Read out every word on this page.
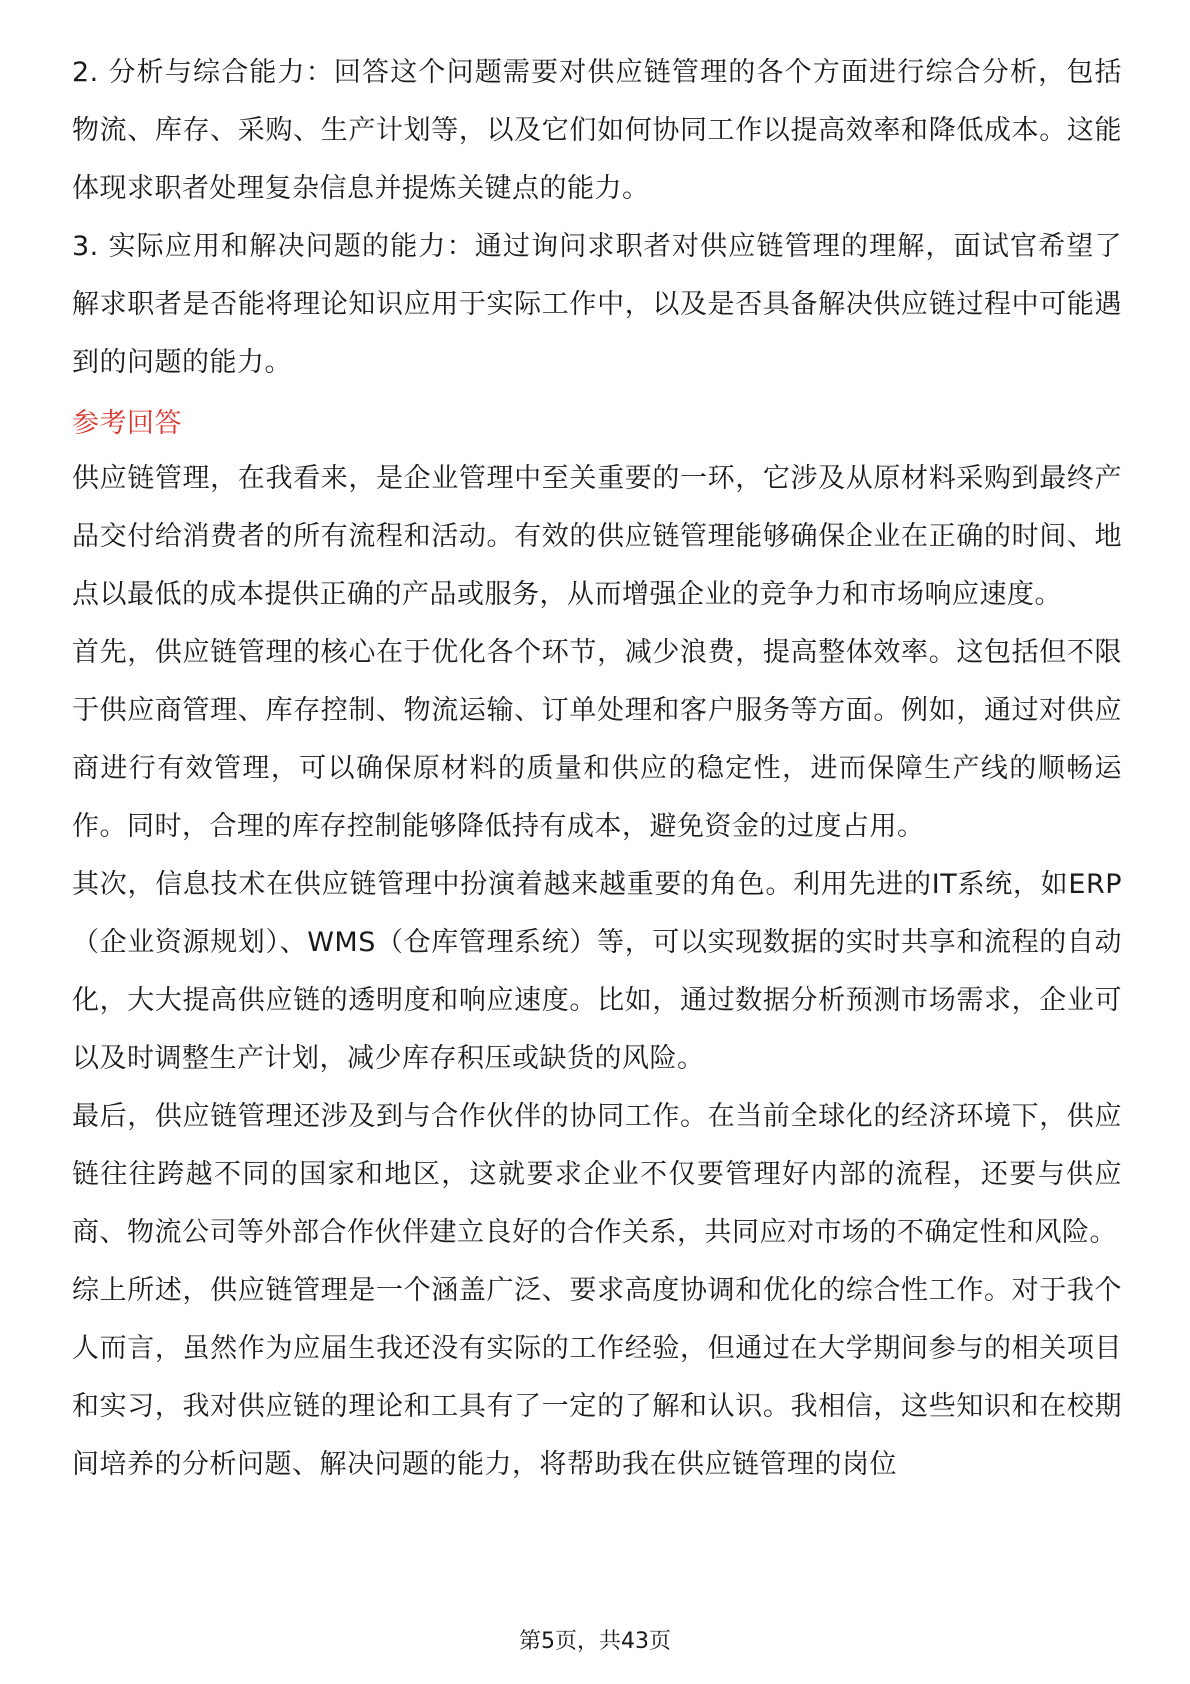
2. 分析与综合能力：回答这个问题需要对供应链管理的各个方面进行综合分析，包括物流、库存、采购、生产计划等，以及它们如何协同工作以提高效率和降低成本。这能体现求职者处理复杂信息并提炼关键点的能力。

3. 实际应用和解决问题的能力：通过询问求职者对供应链管理的理解，面试官希望了解求职者是否能将理论知识应用于实际工作中，以及是否具备解决供应链过程中可能遇到的问题的能力。

参考回答

供应链管理，在我看来，是企业管理中至关重要的一环，它涉及从原材料采购到最终产品交付给消费者的所有流程和活动。有效的供应链管理能够确保企业在正确的时间、地点以最低的成本提供正确的产品或服务，从而增强企业的竞争力和市场响应速度。

首先，供应链管理的核心在于优化各个环节，减少浪费，提高整体效率。这包括但不限于供应商管理、库存控制、物流运输、订单处理和客户服务等方面。例如，通过对供应商进行有效管理，可以确保原材料的质量和供应的稳定性，进而保障生产线的顺畅运作。同时，合理的库存控制能够降低持有成本，避免资金的过度占用。

其次，信息技术在供应链管理中扮演着越来越重要的角色。利用先进的IT系统，如ERP（企业资源规划）、WMS（仓库管理系统）等，可以实现数据的实时共享和流程的自动化，大大提高供应链的透明度和响应速度。比如，通过数据分析预测市场需求，企业可以及时调整生产计划，减少库存积压或缺货的风险。

最后，供应链管理还涉及到与合作伙伴的协同工作。在当前全球化的经济环境下，供应链往往跨越不同的国家和地区，这就要求企业不仅要管理好内部的流程，还要与供应商、物流公司等外部合作伙伴建立良好的合作关系，共同应对市场的不确定性和风险。

综上所述，供应链管理是一个涵盖广泛、要求高度协调和优化的综合性工作。对于我个人而言，虽然作为应届生我还没有实际的工作经验，但通过在大学期间参与的相关项目和实习，我对供应链的理论和工具有了一定的了解和认识。我相信，这些知识和在校期间培养的分析问题、解决问题的能力，将帮助我在供应链管理的岗位

第5页，共43页
